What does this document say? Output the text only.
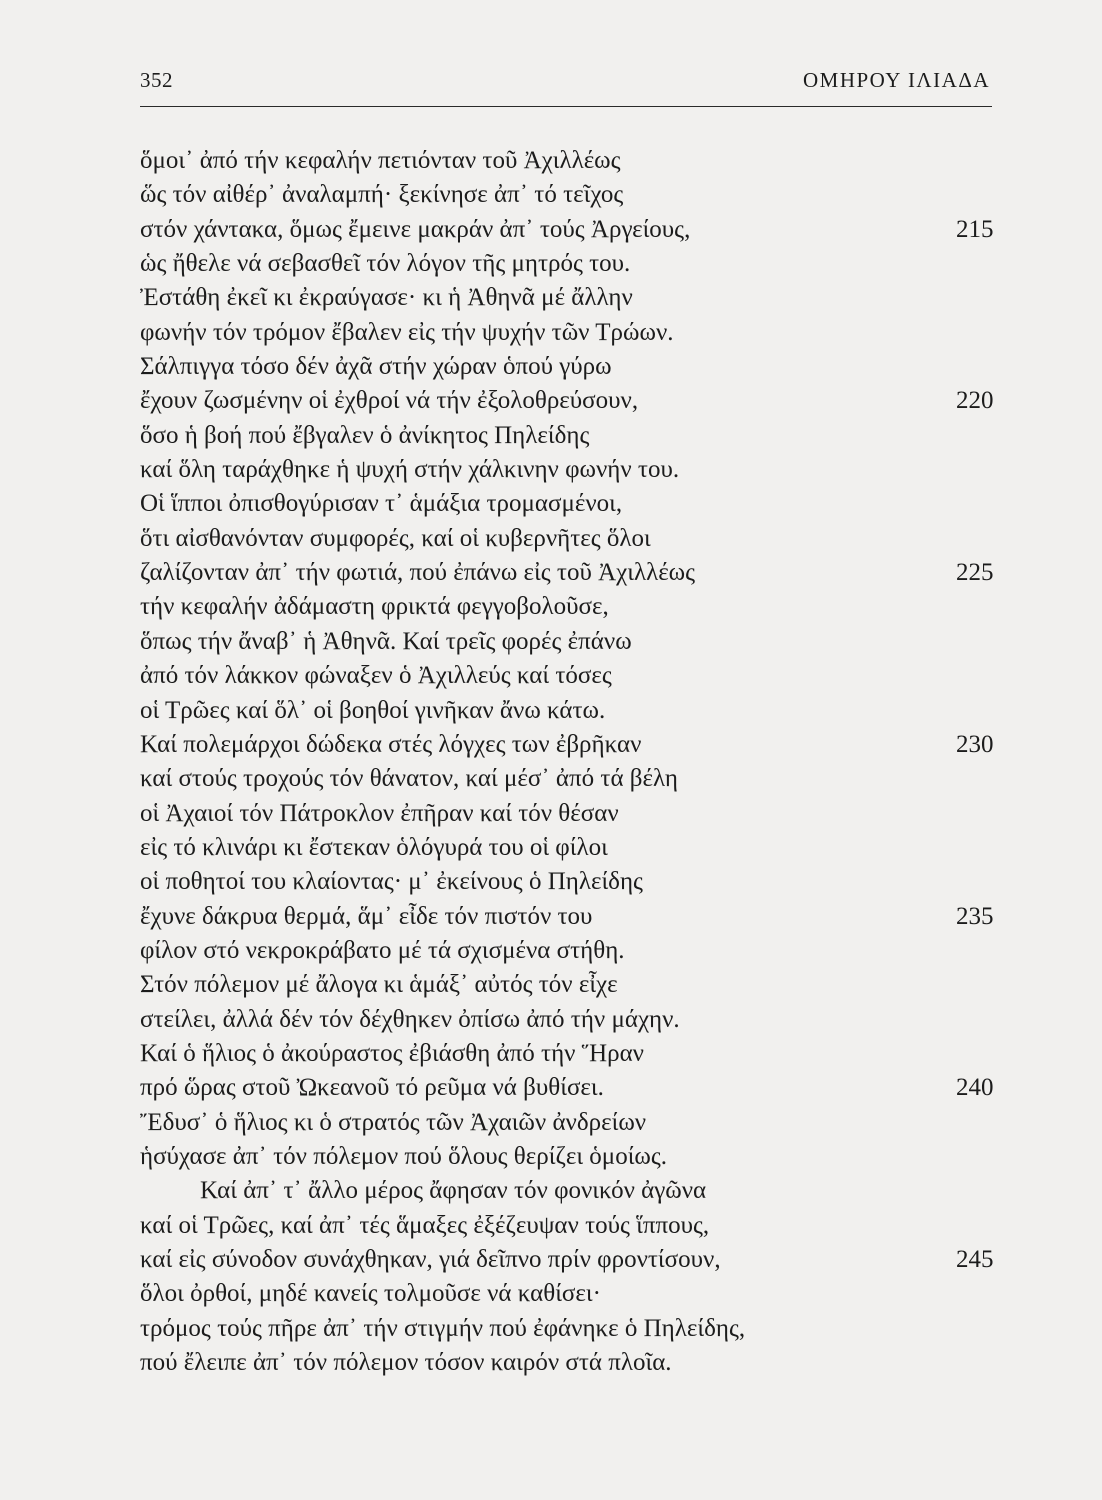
352	ΟΜΗΡΟΥ ΙΛΙΑΔΑ
ὅμοι᾽ ἀπό τήν κεφαλήν πετιόνταν τοῦ Ἀχιλλέως
ὥς τόν αἰθέρ᾽ ἀναλαμπή· ξεκίνησε ἀπ᾽ τό τεῖχος
στόν χάντακα, ὅμως ἔμεινε μακράν ἀπ᾽ τούς Ἀργείους,	215
ὡς ἤθελε νά σεβασθεῖ τόν λόγον τῆς μητρός του.
Ἐστάθη ἐκεῖ κι ἐκραύγασε· κι ἡ Ἀθηνᾶ μέ ἄλλην
φωνήν τόν τρόμον ἔβαλεν εἰς τήν ψυχήν τῶν Τρώων.
Σάλπιγγα τόσο δέν ἀχᾶ στήν χώραν ὁπού γύρω
ἔχουν ζωσμένην οἱ ἐχθροί νά τήν ἐξολοθρεύσουν,	220
ὅσο ἡ βοή πού ἔβγαλεν ὁ ἀνίκητος Πηλείδης
καί ὅλη ταράχθηκε ἡ ψυχή στήν χάλκινην φωνήν του.
Οἱ ἵπποι ὀπισθογύρισαν τ᾽ ἁμάξια τρομασμένοι,
ὅτι αἰσθανόνταν συμφορές, καί οἱ κυβερνῆτες ὅλοι
ζαλίζονταν ἀπ᾽ τήν φωτιά, πού ἐπάνω εἰς τοῦ Ἀχιλλέως	225
τήν κεφαλήν ἀδάμαστη φρικτά φεγγοβολοῦσε,
ὅπως τήν ἄναβ᾽ ἡ Ἀθηνᾶ. Καί τρεῖς φορές ἐπάνω
ἀπό τόν λάκκον φώναξεν ὁ Ἀχιλλεύς καί τόσες
οἱ Τρῶες καί ὅλ᾽ οἱ βοηθοί γινῆκαν ἄνω κάτω.
Καί πολεμάρχοι δώδεκα στές λόγχες των ἐβρῆκαν	230
καί στούς τροχούς τόν θάνατον, καί μέσ᾽ ἀπό τά βέλη
οἱ Ἀχαιοί τόν Πάτροκλον ἐπῆραν καί τόν θέσαν
εἰς τό κλινάρι κι ἔστεκαν ὁλόγυρά του οἱ φίλοι
οἱ ποθητοί του κλαίοντας· μ᾽ ἐκείνους ὁ Πηλείδης
ἔχυνε δάκρυα θερμά, ἅμ᾽ εἶδε τόν πιστόν του	235
φίλον στό νεκροκράβατο μέ τά σχισμένα στήθη.
Στόν πόλεμον μέ ἄλογα κι ἁμάξ᾽ αὐτός τόν εἶχε
στείλει, ἀλλά δέν τόν δέχθηκεν ὀπίσω ἀπό τήν μάχην.
Καί ὁ ἥλιος ὁ ἀκούραστος ἐβιάσθη ἀπό τήν Ἥραν
πρό ὥρας στοῦ Ὠκεανοῦ τό ρεῦμα νά βυθίσει.	240
Ἔδυσ᾽ ὁ ἥλιος κι ὁ στρατός τῶν Ἀχαιῶν ἀνδρείων
ἡσύχασε ἀπ᾽ τόν πόλεμον πού ὅλους θερίζει ὁμοίως.
Καί ἀπ᾽ τ᾽ ἄλλο μέρος ἄφησαν τόν φονικόν ἀγῶνα
καί οἱ Τρῶες, καί ἀπ᾽ τές ἅμαξες ἐξέζευψαν τούς ἵππους,
καί εἰς σύνοδον συνάχθηκαν, γιά δεῖπνο πρίν φροντίσουν,	245
ὅλοι ὀρθοί, μηδέ κανείς τολμοῦσε νά καθίσει·
τρόμος τούς πῆρε ἀπ᾽ τήν στιγμήν πού ἐφάνηκε ὁ Πηλείδης,
πού ἔλειπε ἀπ᾽ τόν πόλεμον τόσον καιρόν στά πλοῖα.
